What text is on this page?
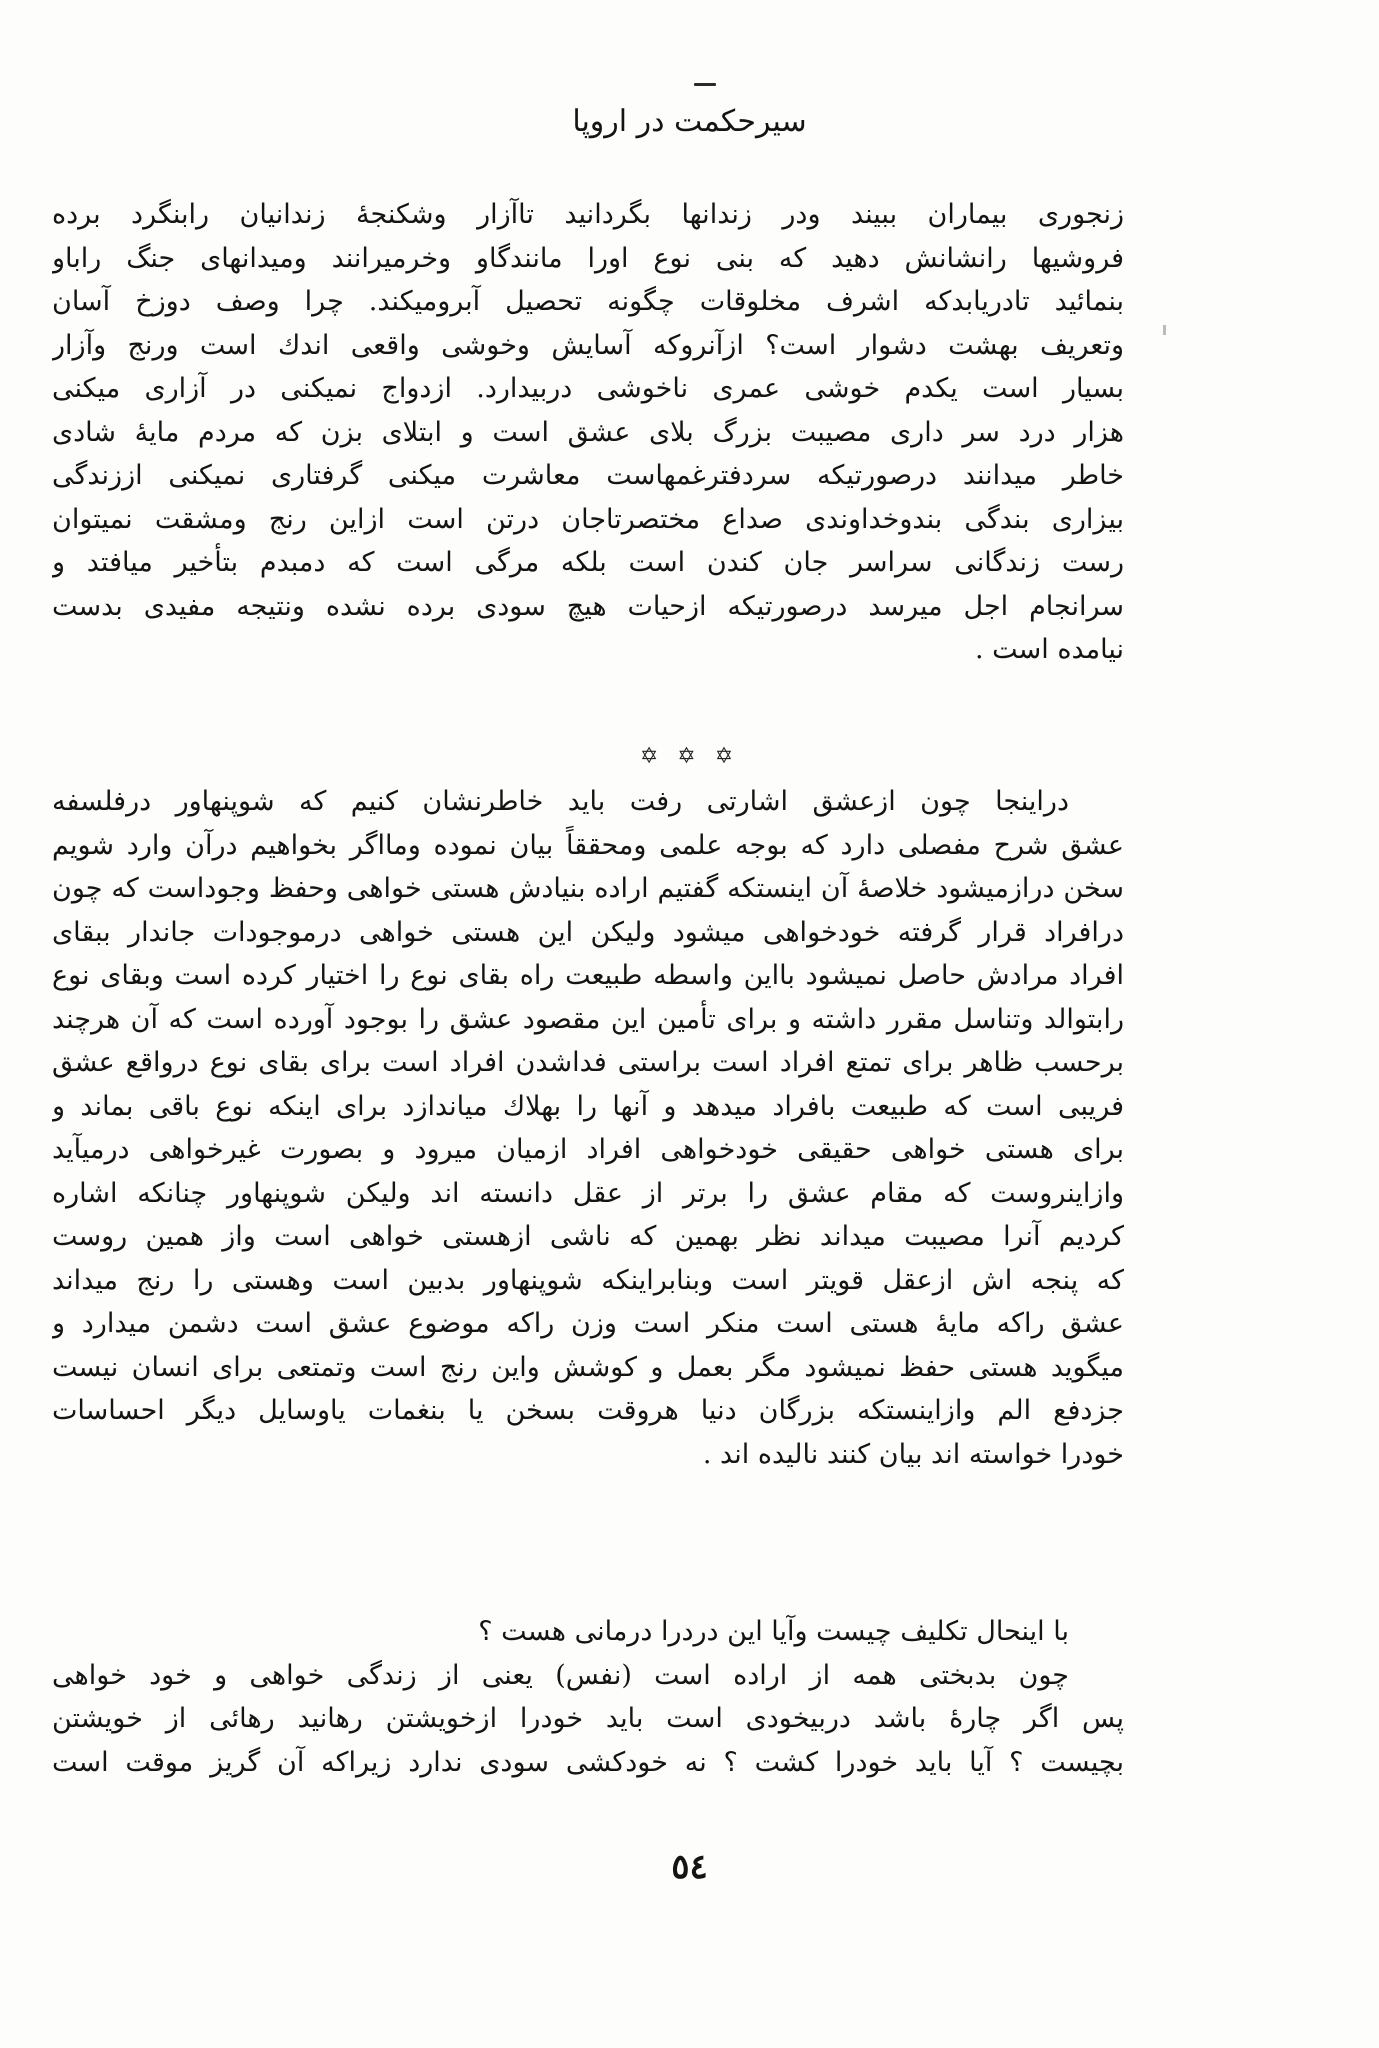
سیرحکمت در اروپا
زنجوری بیماران ببیند ودر زندانها بگردانید تاآزار وشکنجهٔ زندانیان رابنگرد برده
فروشیها رانشانش دهید که بنی نوع اورا مانندگاو وخرمیرانند ومیدانهای جنگ راباو
بنمائید تادریابدکه اشرف مخلوقات چگونه تحصیل آبرومیکند. چرا وصف دوزخ آسان
وتعریف بهشت دشوار است؟ ازآنروکه آسایش وخوشی واقعی اندك است ورنج وآزار
بسیار است یکدم خوشی عمری ناخوشی دربیدارد. ازدواج نمیکنی در آزاری میکنی
هزار درد سر داری مصیبت بزرگ بلای عشق است و ابتلای بزن که مردم مایهٔ شادی
خاطر میدانند درصورتیکه سردفترغمهاست معاشرت میکنی گرفتاری نمیکنی اززندگی
بیزاری بندگی بندوخداوندی صداع مختصرتاجان درتن است ازاین رنج ومشقت نمیتوان
رست زندگانی سراسر جان کندن است بلکه مرگی است که دمبدم بتأخیر میافتد و
سرانجام اجل میرسد درصورتیکه ازحیات هیچ سودی برده نشده ونتیجه مفیدی بدست
نیامده است .
✡ ✡ ✡
دراینجا چون ازعشق اشارتی رفت باید خاطرنشان کنیم که شوپنهاور درفلسفه
عشق شرح مفصلی دارد که بوجه علمی ومحققاً بیان نموده ومااگر بخواهیم درآن وارد شویم
سخن درازمیشود خلاصهٔ آن اینستکه گفتیم اراده بنیادش هستی خواهی وحفظ وجوداست که چون
درافراد قرار گرفته خودخواهی میشود ولیکن این هستی خواهی درموجودات جاندار ببقای
افراد مرادش حاصل نمیشود بااین واسطه طبیعت راه بقای نوع را اختیار کرده است وبقای نوع
رابتوالد وتناسل مقرر داشته و برای تأمین این مقصود عشق را بوجود آورده است که آن هرچند
برحسب ظاهر برای تمتع افراد است براستی فداشدن افراد است برای بقای نوع درواقع عشق
فریبی است که طبیعت بافراد میدهد و آنها را بهلاك میاندازد برای اینکه نوع باقی بماند و
برای هستی خواهی حقیقی خودخواهی افراد ازمیان میرود و بصورت غیرخواهی درمیآید
وازاینروست که مقام عشق را برتر از عقل دانسته اند ولیکن شوپنهاور چنانکه اشاره
کردیم آنرا مصیبت میداند نظر بهمین که ناشی ازهستی خواهی است واز همین روست
که پنجه اش ازعقل قویتر است وبنابراینکه شوپنهاور بدبین است وهستی را رنج میداند
عشق راکه مایهٔ هستی است منکر است وزن راکه موضوع عشق است دشمن میدارد و
میگوید هستی حفظ نمیشود مگر بعمل و کوشش واین رنج است وتمتعی برای انسان نیست
جزدفع الم وازاینستکه بزرگان دنیا هروقت بسخن یا بنغمات یاوسایل دیگر احساسات
خودرا خواسته اند بیان کنند نالیده اند .
با اینحال تکلیف چیست وآیا این دردرا درمانی هست ؟
چون بدبختی همه از اراده است (نفس) یعنی از زندگی خواهی و خود خواهی
پس اگر چارهٔ باشد دربیخودی است باید خودرا ازخویشتن رهانید رهائی از خویشتن
بچیست ؟ آیا باید خودرا کشت ؟ نه خودکشی سودی ندارد زیراکه آن گریز موقت است
٥٤
